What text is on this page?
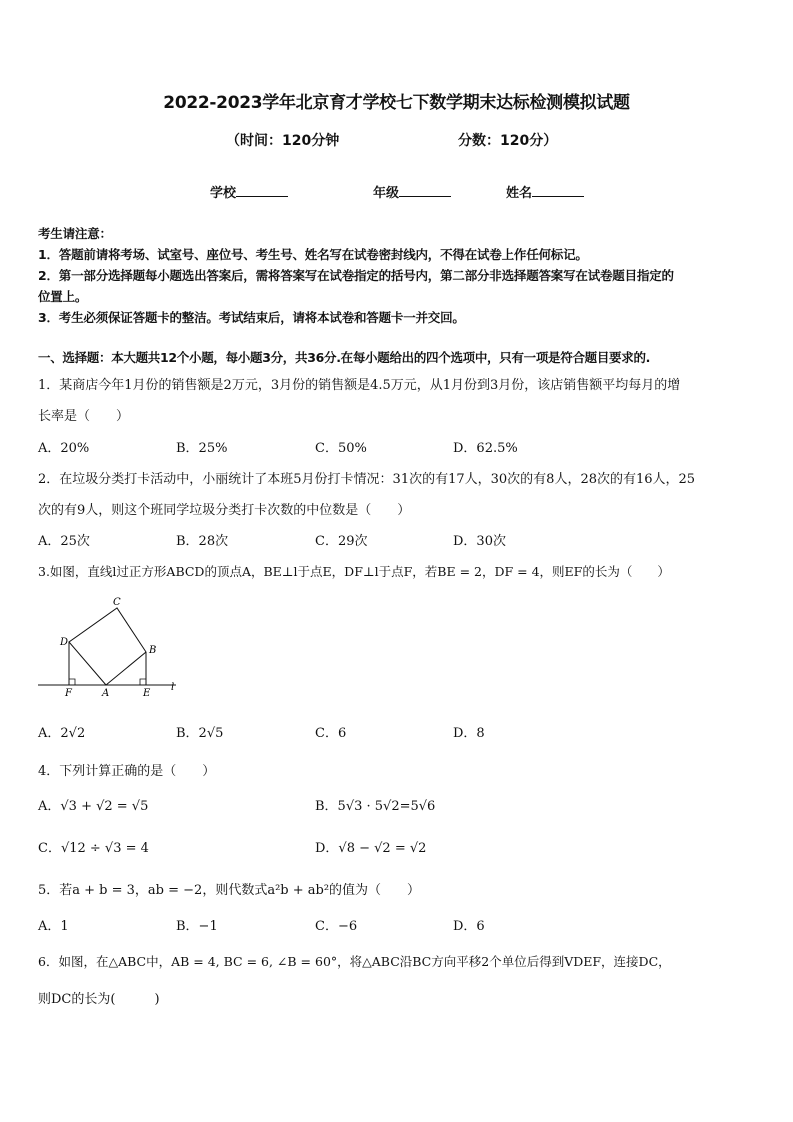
2022-2023学年北京育才学校七下数学期末达标检测模拟试题
（时间：120分钟	分数：120分）
学校	年级	姓名
考生请注意：
1．答题前请将考场、试室号、座位号、考生号、姓名写在试卷密封线内，不得在试卷上作任何标记。
2．第一部分选择题每小题选出答案后，需将答案写在试卷指定的括号内，第二部分非选择题答案写在试卷题目指定的
位置上。
3．考生必须保证答题卡的整洁。考试结束后，请将本试卷和答题卡一并交回。
一、选择题：本大题共12个小题，每小题3分，共36分.在每小题给出的四个选项中，只有一项是符合题目要求的.
1．某商店今年1月份的销售额是2万元，3月份的销售额是4.5万元，从1月份到3月份，该店销售额平均每月的增
长率是（　　）
A．20%	B．25%	C．50%	D．62.5%
2．在垃圾分类打卡活动中，小丽统计了本班5月份打卡情况：31次的有17人，30次的有8人，28次的有16人，25
次的有9人，则这个班同学垃圾分类打卡次数的中位数是（　　）
A．25次	B．28次	C．29次	D．30次
3.如图，直线l过正方形ABCD的顶点A，BE⊥l于点E，DF⊥l于点F，若BE = 2，DF = 4，则EF的长为（　　）
C
D
B
F	A	E
l
A．2√2	B．2√5	C．6	D．8
4．下列计算正确的是（　　）
A．√3 + √2 = √5	B．5√3 · 5√2=5√6
C．√12 ÷ √3 = 4	D．√8 − √2 = √2
5．若a + b = 3，ab = −2，则代数式a²b + ab²的值为（　　）
A．1	B．−1	C．−6	D．6
6．如图，在△ABC中，AB = 4, BC = 6, ∠B = 60°，将△ABC沿BC方向平移2个单位后得到VDEF，连接DC，
则DC的长为(　　　)
